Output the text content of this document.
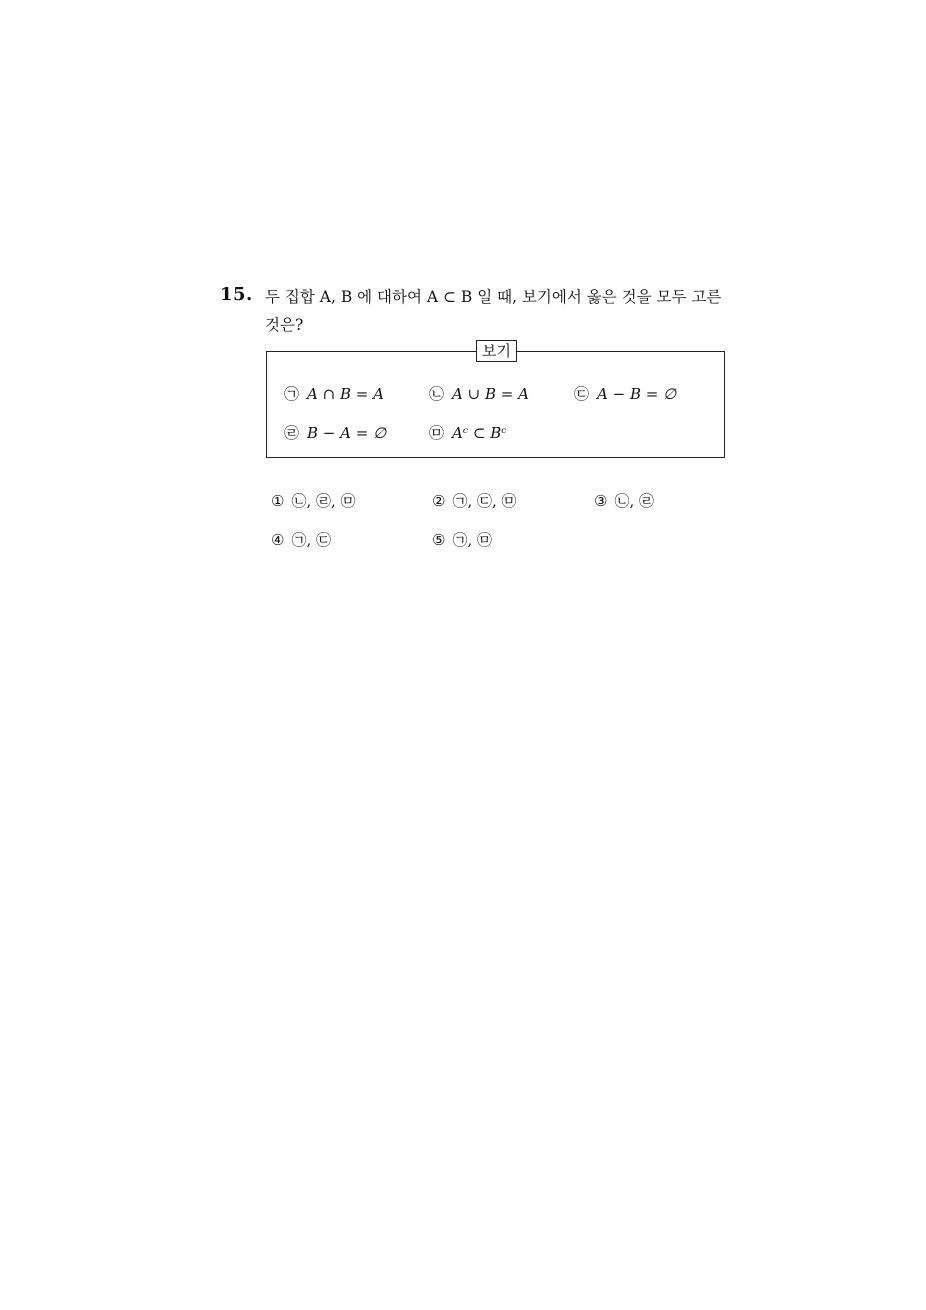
15. 두 집합 A, B 에 대하여 A ⊂ B 일 때, 보기에서 옳은 것을 모두 고른
것은?
보기
㉠ A ∩ B = A	㉡ A ∪ B = A	㉢ A − B = ∅
㉣ B − A = ∅	㉤ Aᶜ ⊂ Bᶜ
① ㉡, ㉣, ㉤	② ㉠, ㉢, ㉤	③ ㉡, ㉣
④ ㉠, ㉢	⑤ ㉠, ㉤
